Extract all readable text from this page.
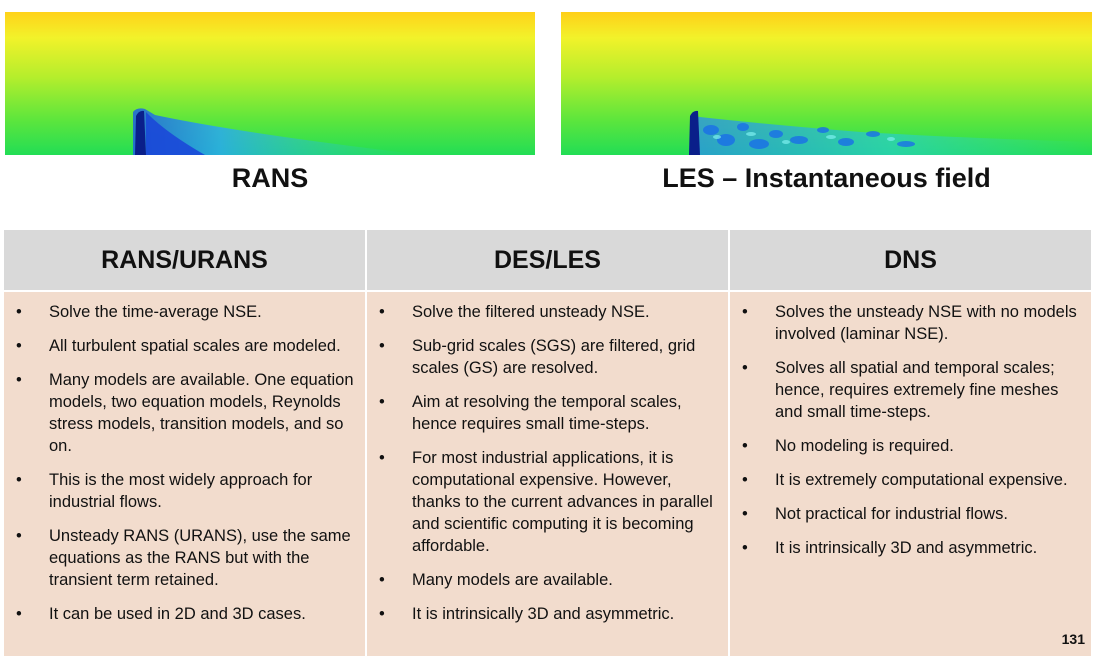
RANS	LES – Instantaneous field
RANS/URANS
• Solve the time-average NSE.
• All turbulent spatial scales are modeled.
• Many models are available. One equation models, two equation models, Reynolds stress models, transition models, and so on.
• This is the most widely approach for industrial flows.
• Unsteady RANS (URANS), use the same equations as the RANS but with the transient term retained.
• It can be used in 2D and 3D cases.
DES/LES
• Solve the filtered unsteady NSE.
• Sub-grid scales (SGS) are filtered, grid scales (GS) are resolved.
• Aim at resolving the temporal scales, hence requires small time-steps.
• For most industrial applications, it is computational expensive. However, thanks to the current advances in parallel and scientific computing it is becoming affordable.
• Many models are available.
• It is intrinsically 3D and asymmetric.
DNS
• Solves the unsteady NSE with no models involved (laminar NSE).
• Solves all spatial and temporal scales; hence, requires extremely fine meshes and small time-steps.
• No modeling is required.
• It is extremely computational expensive.
• Not practical for industrial flows.
• It is intrinsically 3D and asymmetric.
131
